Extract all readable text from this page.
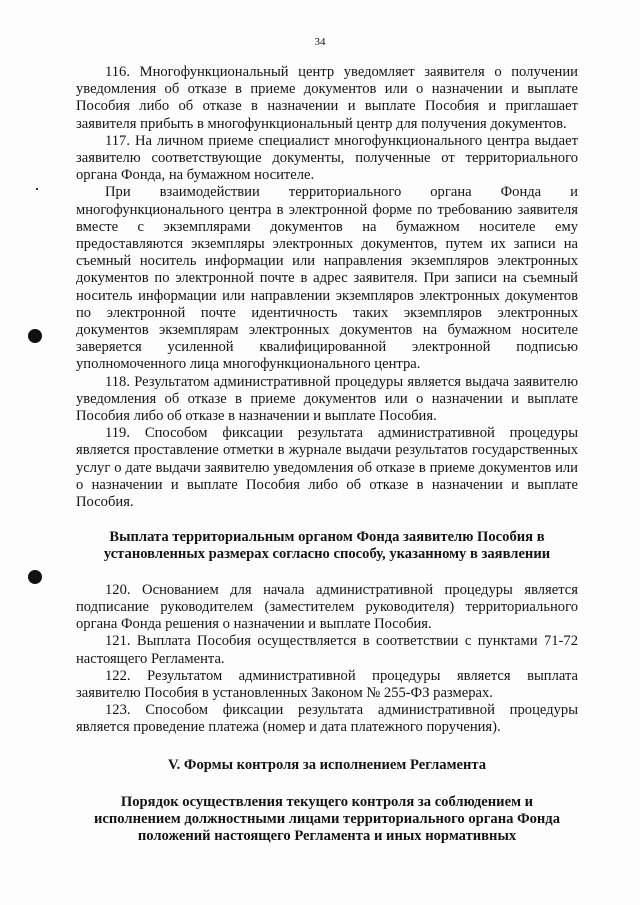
34

116. Многофункциональный центр уведомляет заявителя о получении уведомления об отказе в приеме документов или о назначении и выплате Пособия либо об отказе в назначении и выплате Пособия и приглашает заявителя прибыть в многофункциональный центр для получения документов.

117. На личном приеме специалист многофункционального центра выдает заявителю соответствующие документы, полученные от территориального органа Фонда, на бумажном носителе.

При взаимодействии территориального органа Фонда и многофункционального центра в электронной форме по требованию заявителя вместе с экземплярами документов на бумажном носителе ему предоставляются экземпляры электронных документов, путем их записи на съемный носитель информации или направления экземпляров электронных документов по электронной почте в адрес заявителя. При записи на съемный носитель информации или направлении экземпляров электронных документов по электронной почте идентичность таких экземпляров электронных документов экземплярам электронных документов на бумажном носителе заверяется усиленной квалифицированной электронной подписью уполномоченного лица многофункционального центра.

118. Результатом административной процедуры является выдача заявителю уведомления об отказе в приеме документов или о назначении и выплате Пособия либо об отказе в назначении и выплате Пособия.

119. Способом фиксации результата административной процедуры является проставление отметки в журнале выдачи результатов государственных услуг о дате выдачи заявителю уведомления об отказе в приеме документов или о назначении и выплате Пособия либо об отказе в назначении и выплате Пособия.

Выплата территориальным органом Фонда заявителю Пособия в установленных размерах согласно способу, указанному в заявлении

120. Основанием для начала административной процедуры является подписание руководителем (заместителем руководителя) территориального органа Фонда решения о назначении и выплате Пособия.

121. Выплата Пособия осуществляется в соответствии с пунктами 71-72 настоящего Регламента.

122. Результатом административной процедуры является выплата заявителю Пособия в установленных Законом № 255-ФЗ размерах.

123. Способом фиксации результата административной процедуры является проведение платежа (номер и дата платежного поручения).

V. Формы контроля за исполнением Регламента

Порядок осуществления текущего контроля за соблюдением и исполнением должностными лицами территориального органа Фонда положений настоящего Регламента и иных нормативных
